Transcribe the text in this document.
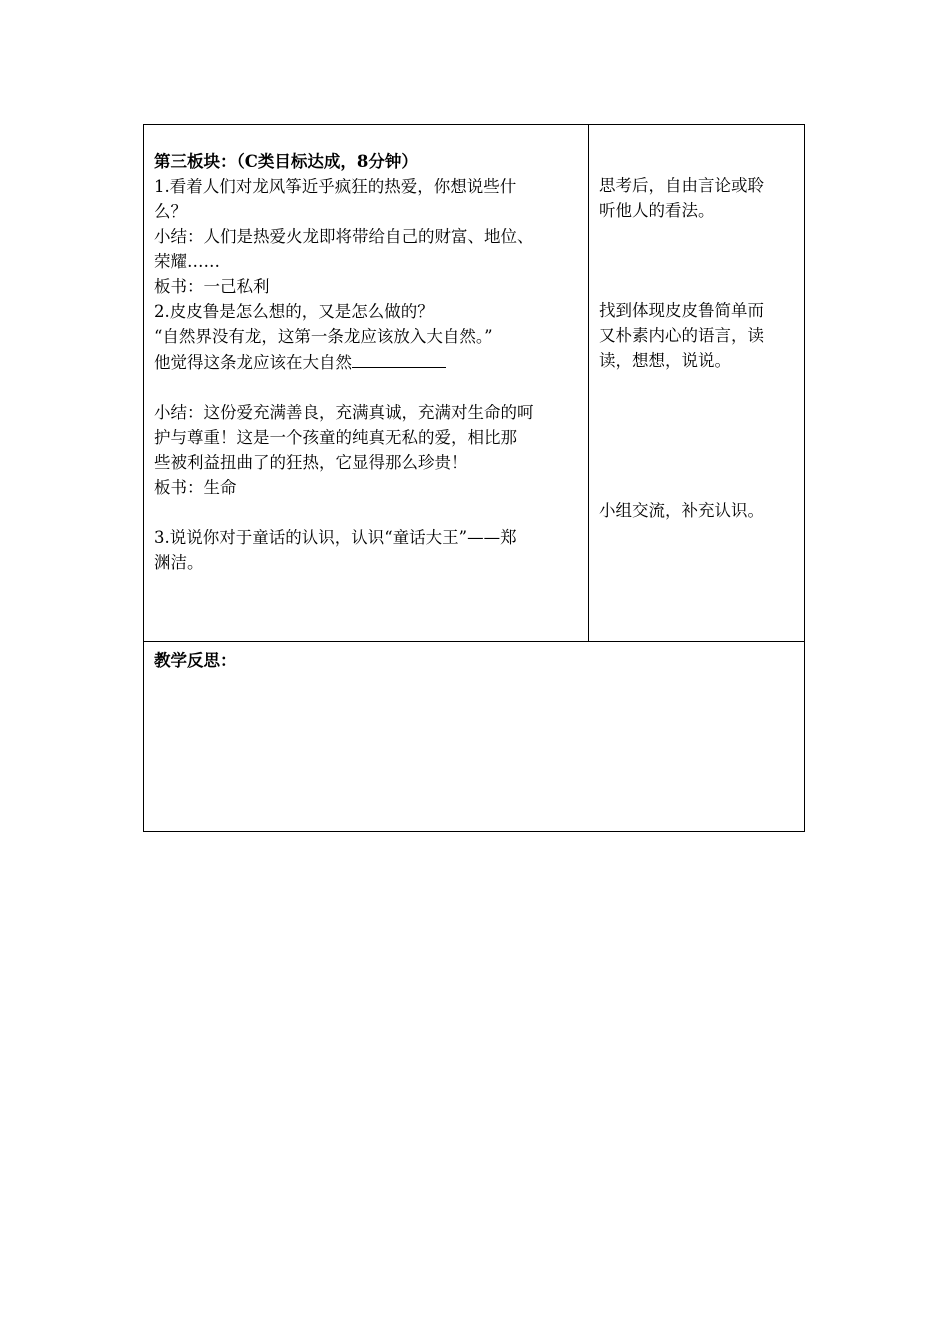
第三板块：（C类目标达成，8分钟）
1.看着人们对龙风筝近乎疯狂的热爱，你想说些什
么？
小结：人们是热爱火龙即将带给自己的财富、地位、
荣耀……
板书：一己私利
2.皮皮鲁是怎么想的，又是怎么做的？
“自然界没有龙，这第一条龙应该放入大自然。”
他觉得这条龙应该在大自然
小结：这份爱充满善良，充满真诚，充满对生命的呵
护与尊重！这是一个孩童的纯真无私的爱，相比那
些被利益扭曲了的狂热，它显得那么珍贵！
板书：生命
3.说说你对于童话的认识，认识“童话大王”——郑
渊洁。

思考后，自由言论或聆
听他人的看法。
找到体现皮皮鲁简单而
又朴素内心的语言，读
读，想想，说说。
小组交流，补充认识。

教学反思：
